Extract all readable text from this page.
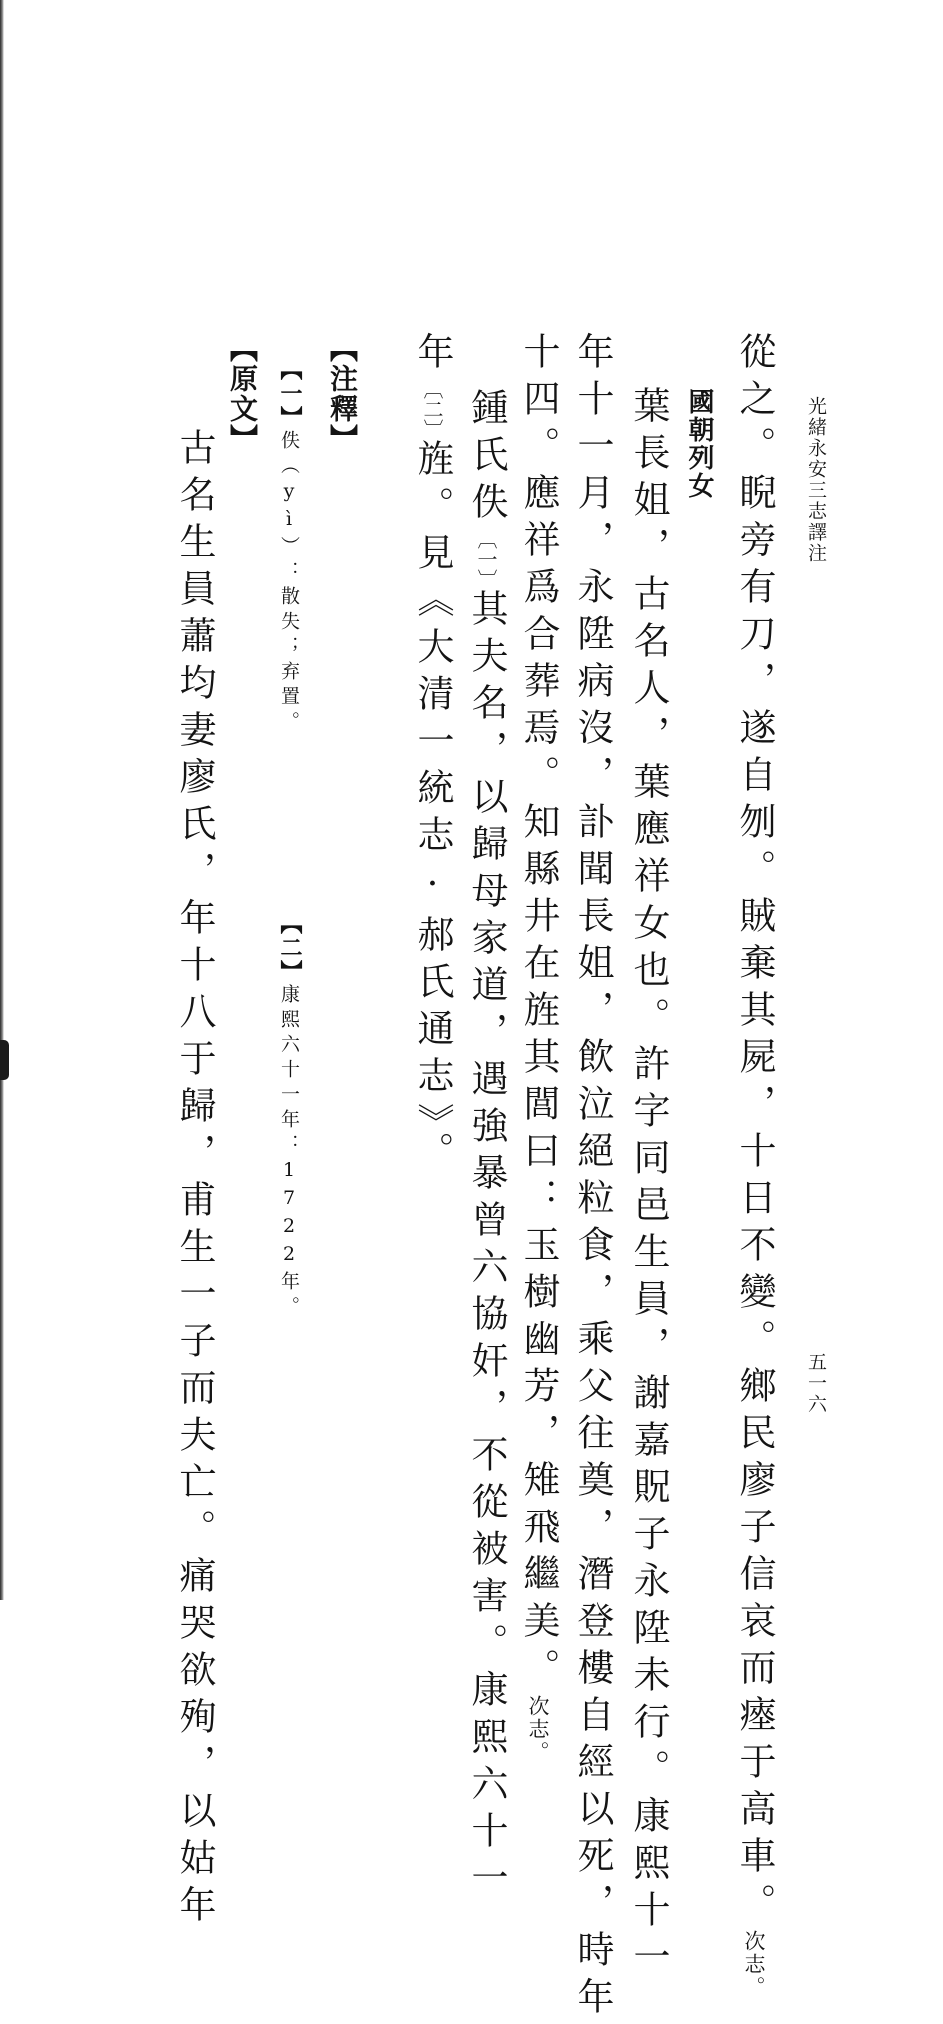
光緒永安三志譯注
五一六
從之。睨旁有刀，遂自刎。賊棄其屍，十日不變。鄉民廖子信哀而瘞于高車。次志。
國朝列女
葉長姐，古名人，葉應祥女也。許字同邑生員，謝嘉貺子永陞未行。康熙十一
年十一月，永陞病沒，訃聞長姐，飲泣絕粒食，乘父往奠，潛登樓自經以死，時年
十四。應祥爲合葬焉。知縣井在旌其閭曰：玉樹幽芳，雉飛繼美。次志。
鍾氏佚〔一〕其夫名，以歸母家道，遇強暴曾六協奸，不從被害。康熙六十一
年〔二〕旌。見《大清一統志·郝氏通志》。
【注釋】
【一】佚（yì）：散失；弃置。
【二】康熙六十一年：1722年。
【原文】
古名生員蕭均妻廖氏，年十八于歸，甫生一子而夫亡。痛哭欲殉，以姑年
